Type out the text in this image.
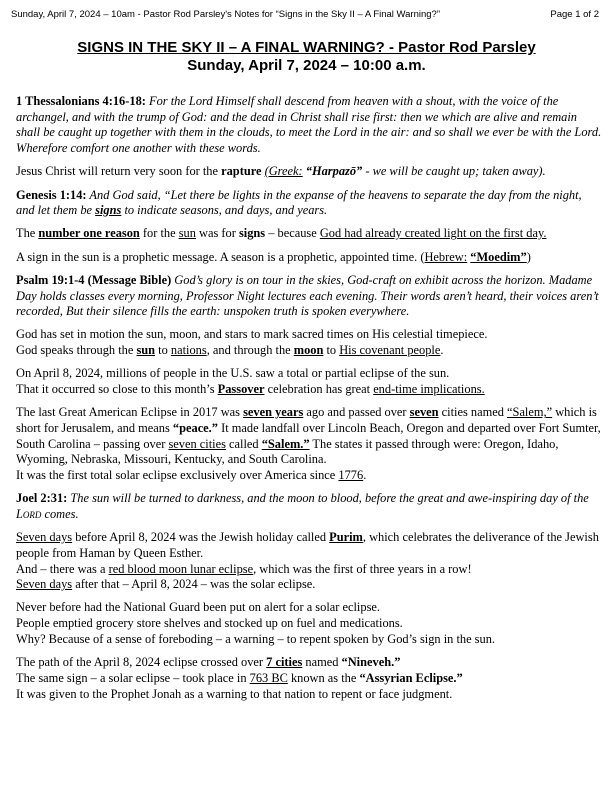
Sunday, April 7, 2024 – 10am - Pastor Rod Parsley's Notes for “Signs in the Sky II – A Final Warning?”	Page 1 of 2
SIGNS IN THE SKY II – A FINAL WARNING? - Pastor Rod Parsley
Sunday, April 7, 2024 – 10:00 a.m.

1 Thessalonians 4:16-18: For the Lord Himself shall descend from heaven with a shout, with the voice of the archangel, and with the trump of God: and the dead in Christ shall rise first: then we which are alive and remain shall be caught up together with them in the clouds, to meet the Lord in the air: and so shall we ever be with the Lord. Wherefore comfort one another with these words.

Jesus Christ will return very soon for the rapture (Greek: “Harpazō” - we will be caught up; taken away).

Genesis 1:14: And God said, “Let there be lights in the expanse of the heavens to separate the day from the night, and let them be signs to indicate seasons, and days, and years.

The number one reason for the sun was for signs – because God had already created light on the first day.

A sign in the sun is a prophetic message. A season is a prophetic, appointed time. (Hebrew: “Moedim”)

Psalm 19:1-4 (Message Bible) God’s glory is on tour in the skies, God-craft on exhibit across the horizon. Madame Day holds classes every morning, Professor Night lectures each evening. Their words aren’t heard, their voices aren’t recorded, But their silence fills the earth: unspoken truth is spoken everywhere.

God has set in motion the sun, moon, and stars to mark sacred times on His celestial timepiece.
God speaks through the sun to nations, and through the moon to His covenant people.

On April 8, 2024, millions of people in the U.S. saw a total or partial eclipse of the sun.
That it occurred so close to this month’s Passover celebration has great end-time implications.

The last Great American Eclipse in 2017 was seven years ago and passed over seven cities named “Salem,” which is short for Jerusalem, and means “peace.” It made landfall over Lincoln Beach, Oregon and departed over Fort Sumter, South Carolina – passing over seven cities called “Salem.” The states it passed through were: Oregon, Idaho, Wyoming, Nebraska, Missouri, Kentucky, and South Carolina.
It was the first total solar eclipse exclusively over America since 1776.

Joel 2:31: The sun will be turned to darkness, and the moon to blood, before the great and awe-inspiring day of the Lord comes.

Seven days before April 8, 2024 was the Jewish holiday called Purim, which celebrates the deliverance of the Jewish people from Haman by Queen Esther.
And – there was a red blood moon lunar eclipse, which was the first of three years in a row!
Seven days after that – April 8, 2024 – was the solar eclipse.

Never before had the National Guard been put on alert for a solar eclipse.
People emptied grocery store shelves and stocked up on fuel and medications.
Why? Because of a sense of foreboding – a warning – to repent spoken by God’s sign in the sun.

The path of the April 8, 2024 eclipse crossed over 7 cities named “Nineveh.”
The same sign – a solar eclipse – took place in 763 BC known as the “Assyrian Eclipse.”
It was given to the Prophet Jonah as a warning to that nation to repent or face judgment.
